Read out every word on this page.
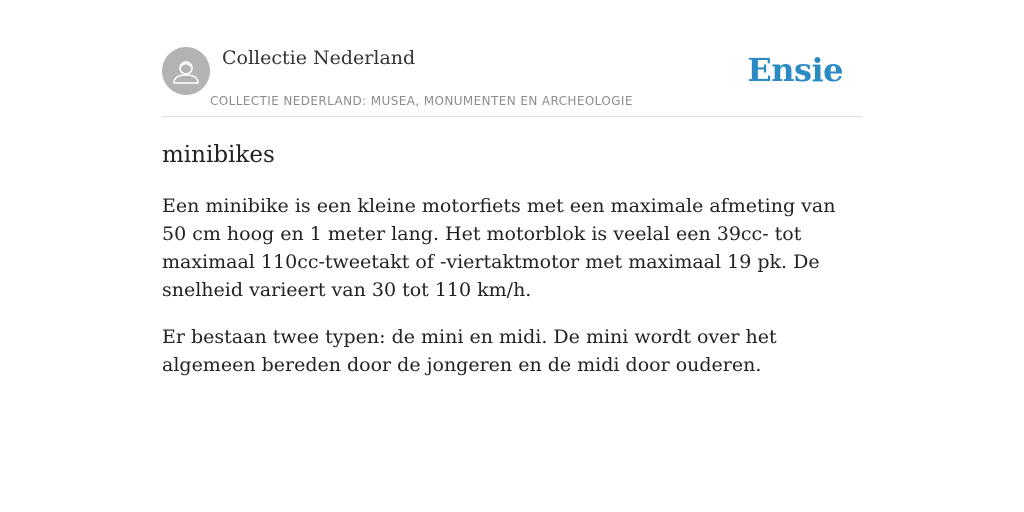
Collectie Nederland
COLLECTIE NEDERLAND: MUSEA, MONUMENTEN EN ARCHEOLOGIE
Ensie
minibikes

Een minibike is een kleine motorfiets met een maximale afmeting van 50 cm hoog en 1 meter lang. Het motorblok is veelal een 39cc- tot maximaal 110cc-tweetakt of -viertaktmotor met maximaal 19 pk. De snelheid varieert van 30 tot 110 km/h.

Er bestaan twee typen: de mini en midi. De mini wordt over het algemeen bereden door de jongeren en de midi door ouderen.
